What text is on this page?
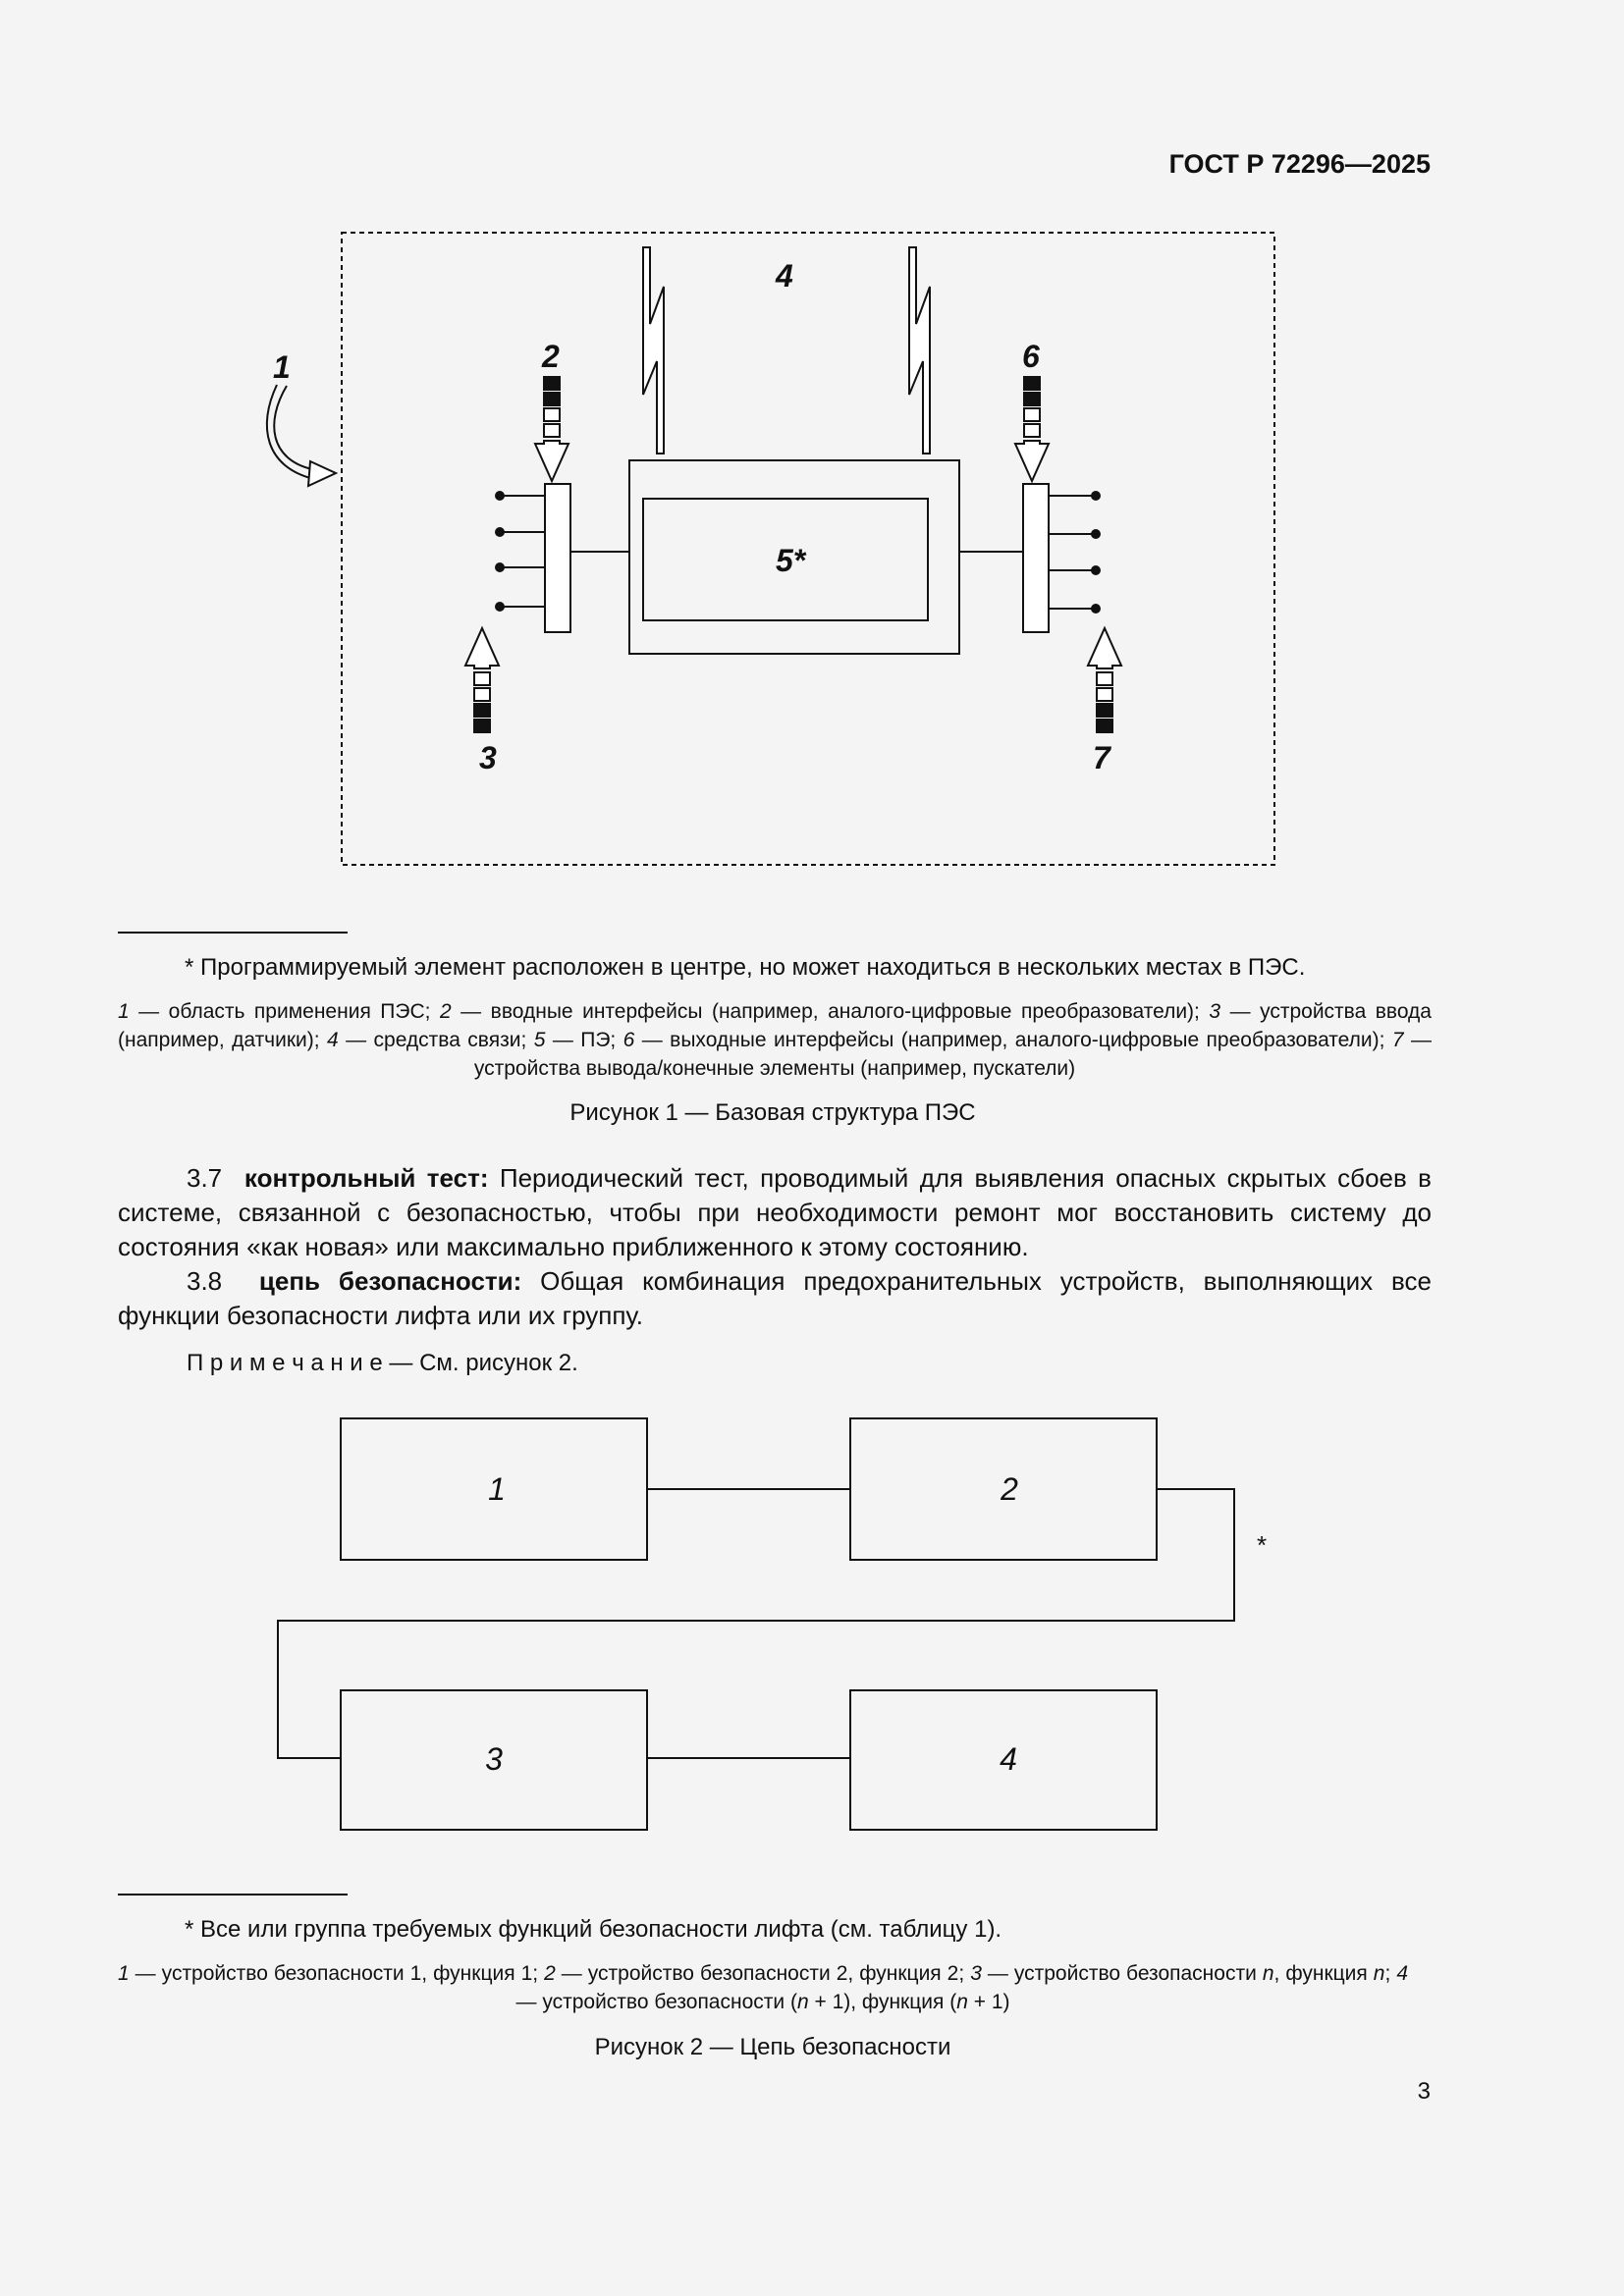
ГОСТ Р 72296—2025
1	2
3
4
5*
6
7
* Программируемый элемент расположен в центре, но может находиться в нескольких местах в ПЭС.
1 — область применения ПЭС; 2 — вводные интерфейсы (например, аналого-цифровые преобразователи); 3 — устройства ввода (например, датчики); 4 — средства связи; 5 — ПЭ; 6 — выходные интерфейсы (например, аналого-цифровые преобразователи); 7 — устройства вывода/конечные элементы (например, пускатели)
Рисунок 1 — Базовая структура ПЭС
3.7 контрольный тест: Периодический тест, проводимый для выявления опасных скрытых сбоев в системе, связанной с безопасностью, чтобы при необходимости ремонт мог восстановить систему до состояния «как новая» или максимально приближенного к этому состоянию.
3.8 цепь безопасности: Общая комбинация предохранительных устройств, выполняющих все функции безопасности лифта или их группу.
П р и м е ч а н и е — См. рисунок 2.
1	2
3	4
*
* Все или группа требуемых функций безопасности лифта (см. таблицу 1).
1 — устройство безопасности 1, функция 1; 2 — устройство безопасности 2, функция 2; 3 — устройство безопасности n, функция n; 4 — устройство безопасности (n + 1), функция (n + 1)
Рисунок 2 — Цепь безопасности
3
